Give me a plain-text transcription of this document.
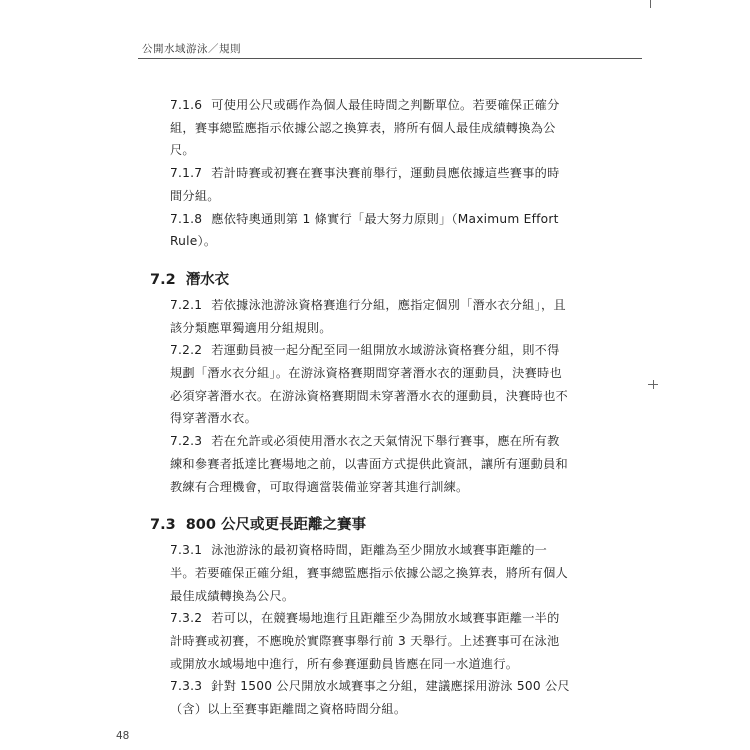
公開水域游泳／規則

7.1.6 可使用公尺或碼作為個人最佳時間之判斷單位。若要確保正確分組，賽事總監應指示依據公認之換算表，將所有個人最佳成績轉換為公尺。

7.1.7 若計時賽或初賽在賽事決賽前舉行，運動員應依據這些賽事的時間分組。

7.1.8 應依特奧通則第 1 條實行「最大努力原則」（Maximum Effort Rule）。

7.2 潛水衣

7.2.1 若依據泳池游泳資格賽進行分組，應指定個別「潛水衣分組」，且該分類應單獨適用分組規則。

7.2.2 若運動員被一起分配至同一組開放水域游泳資格賽分組，則不得規劃「潛水衣分組」。在游泳資格賽期間穿著潛水衣的運動員，決賽時也必須穿著潛水衣。在游泳資格賽期間未穿著潛水衣的運動員，決賽時也不得穿著潛水衣。

7.2.3 若在允許或必須使用潛水衣之天氣情況下舉行賽事，應在所有教練和參賽者抵達比賽場地之前，以書面方式提供此資訊，讓所有運動員和教練有合理機會，可取得適當裝備並穿著其進行訓練。

7.3 800 公尺或更長距離之賽事

7.3.1 泳池游泳的最初資格時間，距離為至少開放水域賽事距離的一半。若要確保正確分組，賽事總監應指示依據公認之換算表，將所有個人最佳成績轉換為公尺。

7.3.2 若可以，在競賽場地進行且距離至少為開放水域賽事距離一半的計時賽或初賽，不應晚於實際賽事舉行前 3 天舉行。上述賽事可在泳池或開放水域場地中進行，所有參賽運動員皆應在同一水道進行。

7.3.3 針對 1500 公尺開放水域賽事之分組，建議應採用游泳 500 公尺（含）以上至賽事距離間之資格時間分組。

48
